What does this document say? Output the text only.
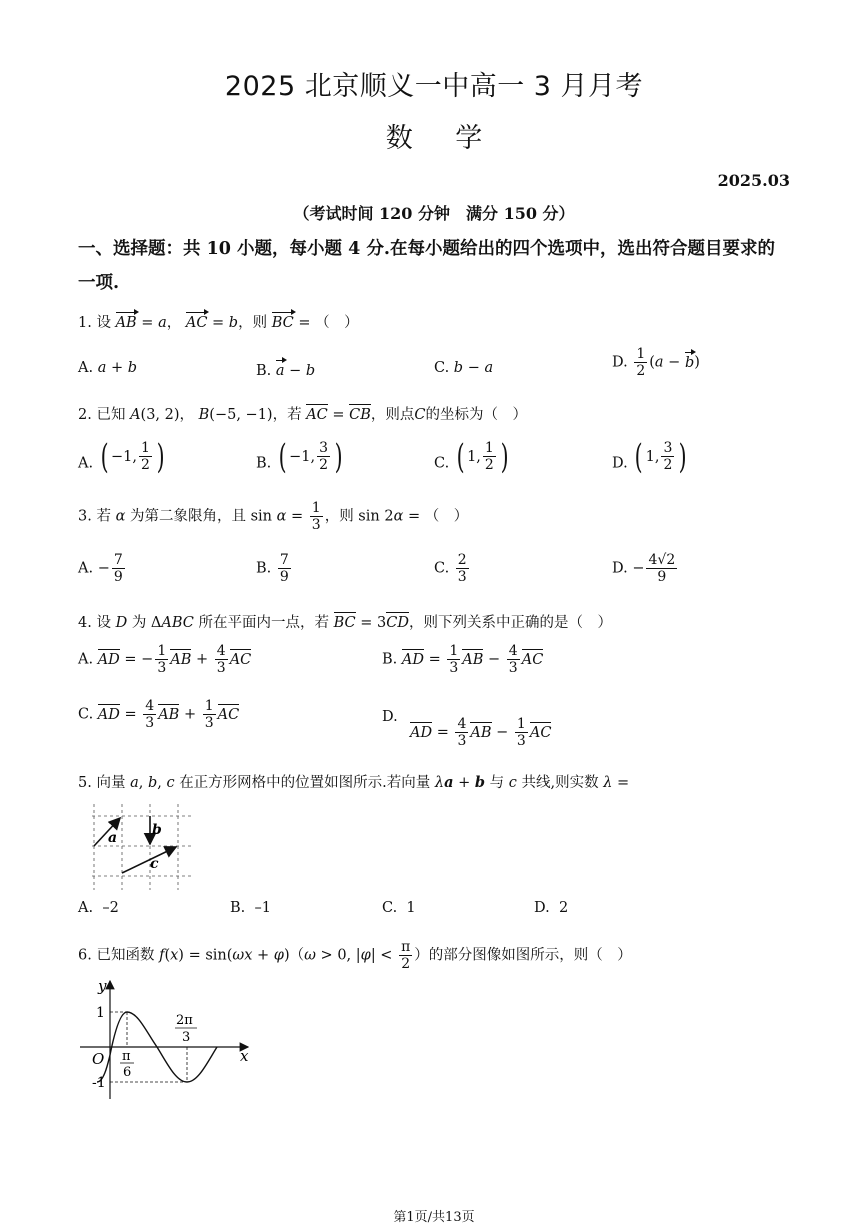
2025 北京顺义一中高一 3 月月考
数 学
2025.03
（考试时间 120 分钟　满分 150 分）
一、选择题：共 10 小题，每小题 4 分.在每小题给出的四个选项中，选出符合题目要求的一项.
1. 设 AB = a， AC = b，则 BC = （　）
A. a + b	B. a − b	C. b − a	D. $\frac{1}{2} (a - b)$
2. 已知 A(3, 2)， B(−5, −1)，若 AC = CB，则点C的坐标为（　）
A. ( −1, $\frac{1}{2}$ )	B. ( −1, $\frac{3}{2}$ )	C. ( 1, $\frac{1}{2}$ )	D. ( 1, $\frac{3}{2}$ )
3. 若 α 为第二象限角，且 $\sin \alpha = \frac{1}{3}$ ，则 sin 2α = （　）
A. − $\frac{7}{9}$	B. $\frac{7}{9}$	C. $\frac{2}{3}$	D. − $\frac{4√2}{9}$
4. 设 D 为 ΔABC 所在平面内一点，若 BC = 3CD，则下列关系中正确的是（　）
A. AD = − $\frac{1}{3}$ AB + $\frac{4}{3}$ AC	B. AD = $\frac{1}{3}$ AB − $\frac{4}{3}$ AC
C. AD = $\frac{4}{3}$ AB + $\frac{1}{3}$ AC	D.
AD = $\frac{4}{3}$ AB − $\frac{1}{3}$ AC
5. 向量 a, b, c 在正方形网格中的位置如图所示.若向量 λa + b 与 c 共线,则实数 λ =
a b
c
A. –2	B. –1	C. 1	D. 2
6. 已知函数 f(x) = sin(ωx + φ)（ω > 0, $|\varphi| < \frac{\pi}{2}$ ）的部分图像如图所示，则（　）
y
x
O
1
-1
π
6
2π
3
第1页/共13页
